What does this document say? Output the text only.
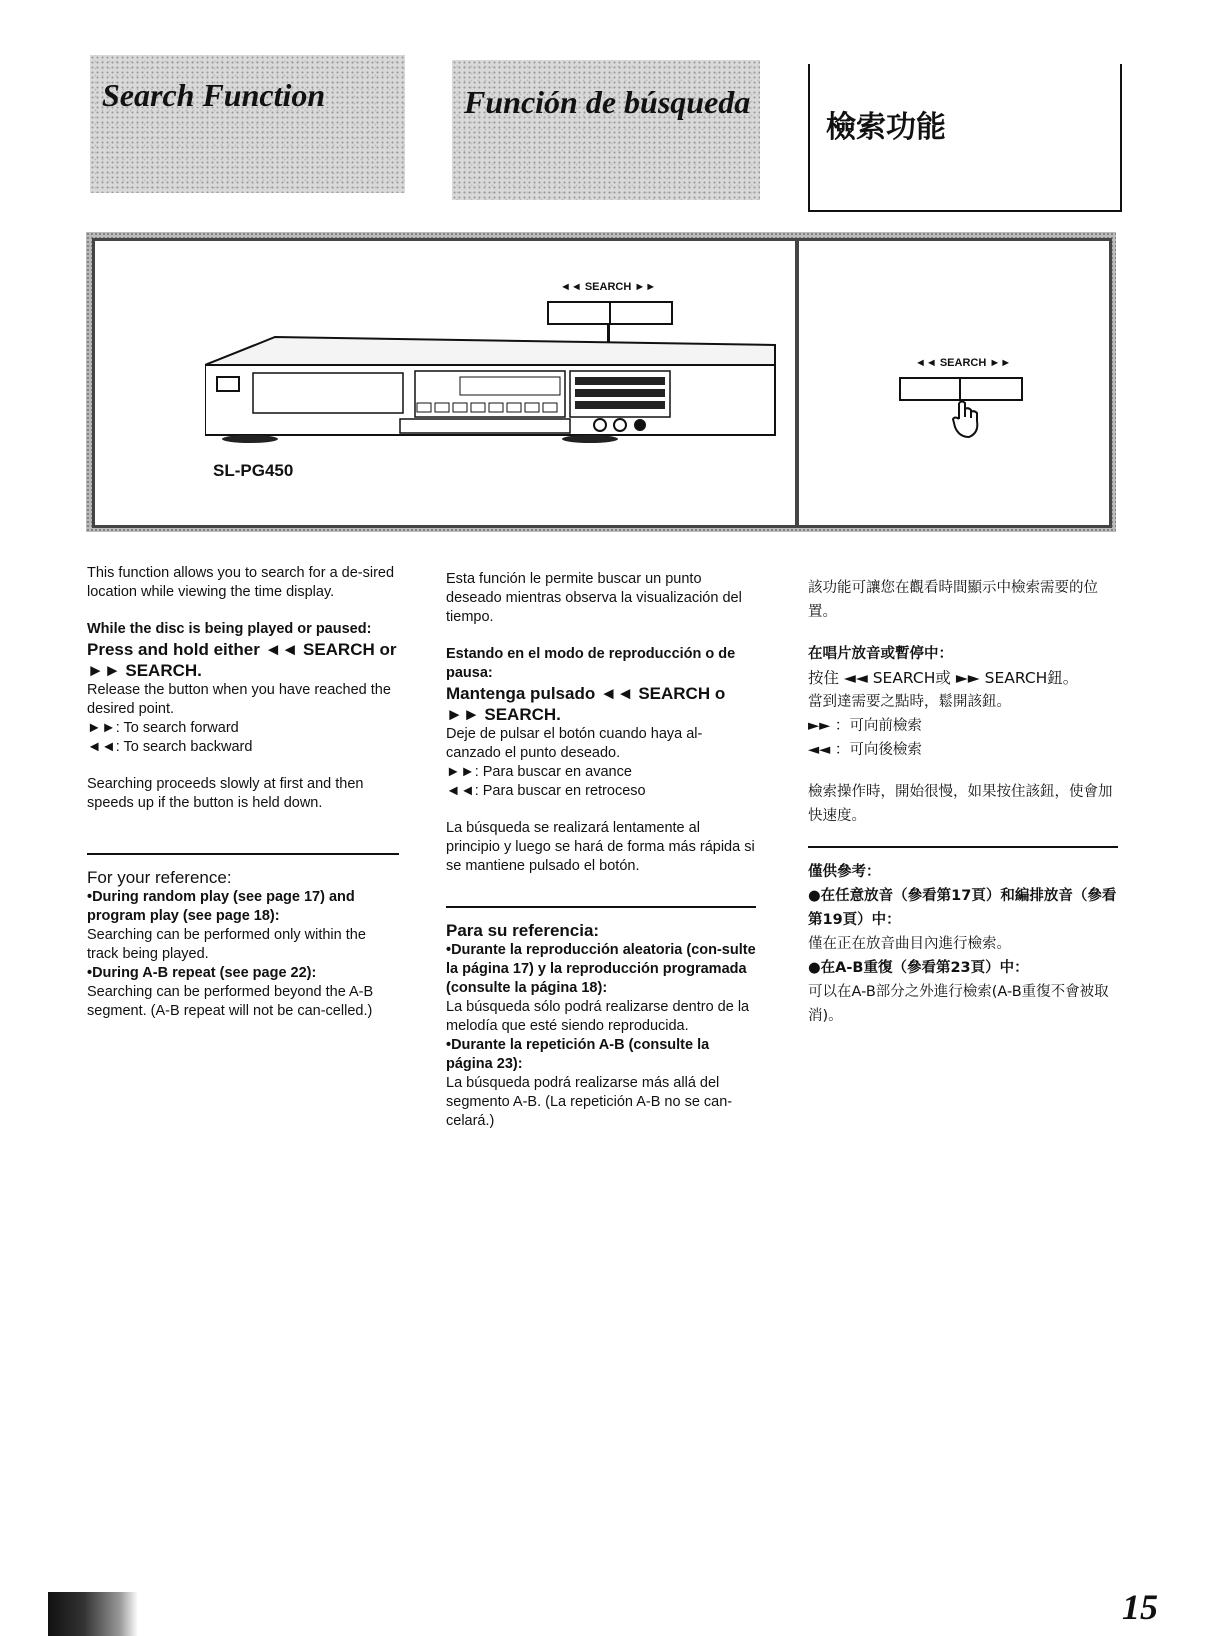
Search Function	Función de búsqueda
檢索功能
◄◄ SEARCH ►►
SL-PG450
◄◄ SEARCH ►►

This function allows you to search for a de-sired location while viewing the time display.

While the disc is being played or paused:

Press and hold either ◄◄ SEARCH or ►► SEARCH.

Release the button when you have reached the desired point.

►►: To search forward

◄◄: To search backward

Searching proceeds slowly at first and then speeds up if the button is held down.

For your reference:

•During random play (see page 17) and program play (see page 18):

Searching can be performed only within the track being played.

•During A-B repeat (see page 22):

Searching can be performed beyond the A-B segment. (A-B repeat will not be can-celled.)

Esta función le permite buscar un punto deseado mientras observa la visualización del tiempo.

Estando en el modo de reproducción o de pausa:

Mantenga pulsado ◄◄ SEARCH o ►► SEARCH.

Deje de pulsar el botón cuando haya al-canzado el punto deseado.

►►: Para buscar en avance

◄◄: Para buscar en retroceso

La búsqueda se realizará lentamente al principio y luego se hará de forma más rápida si se mantiene pulsado el botón.

Para su referencia:

•Durante la reproducción aleatoria (con-sulte la página 17) y la reproducción programada (consulte la página 18):

La búsqueda sólo podrá realizarse dentro de la melodía que esté siendo reproducida.

•Durante la repetición A-B (consulte la página 23):

La búsqueda podrá realizarse más allá del segmento A-B. (La repetición A-B no se can-celará.)

該功能可讓您在觀看時間顯示中檢索需要的位置。

在唱片放音或暫停中：

按住 ◄◄ SEARCH或 ►► SEARCH鈕。

當到達需要之點時，鬆開該鈕。

►► ：可向前檢索

◄◄ ：可向後檢索

檢索操作時，開始很慢，如果按住該鈕，使會加快速度。

僅供參考：

●在任意放音（參看第17頁）和編排放音（參看第19頁）中：

僅在正在放音曲目內進行檢索。

●在A-B重復（參看第23頁）中：

可以在A-B部分之外進行檢索(A-B重復不會被取消)。

15
